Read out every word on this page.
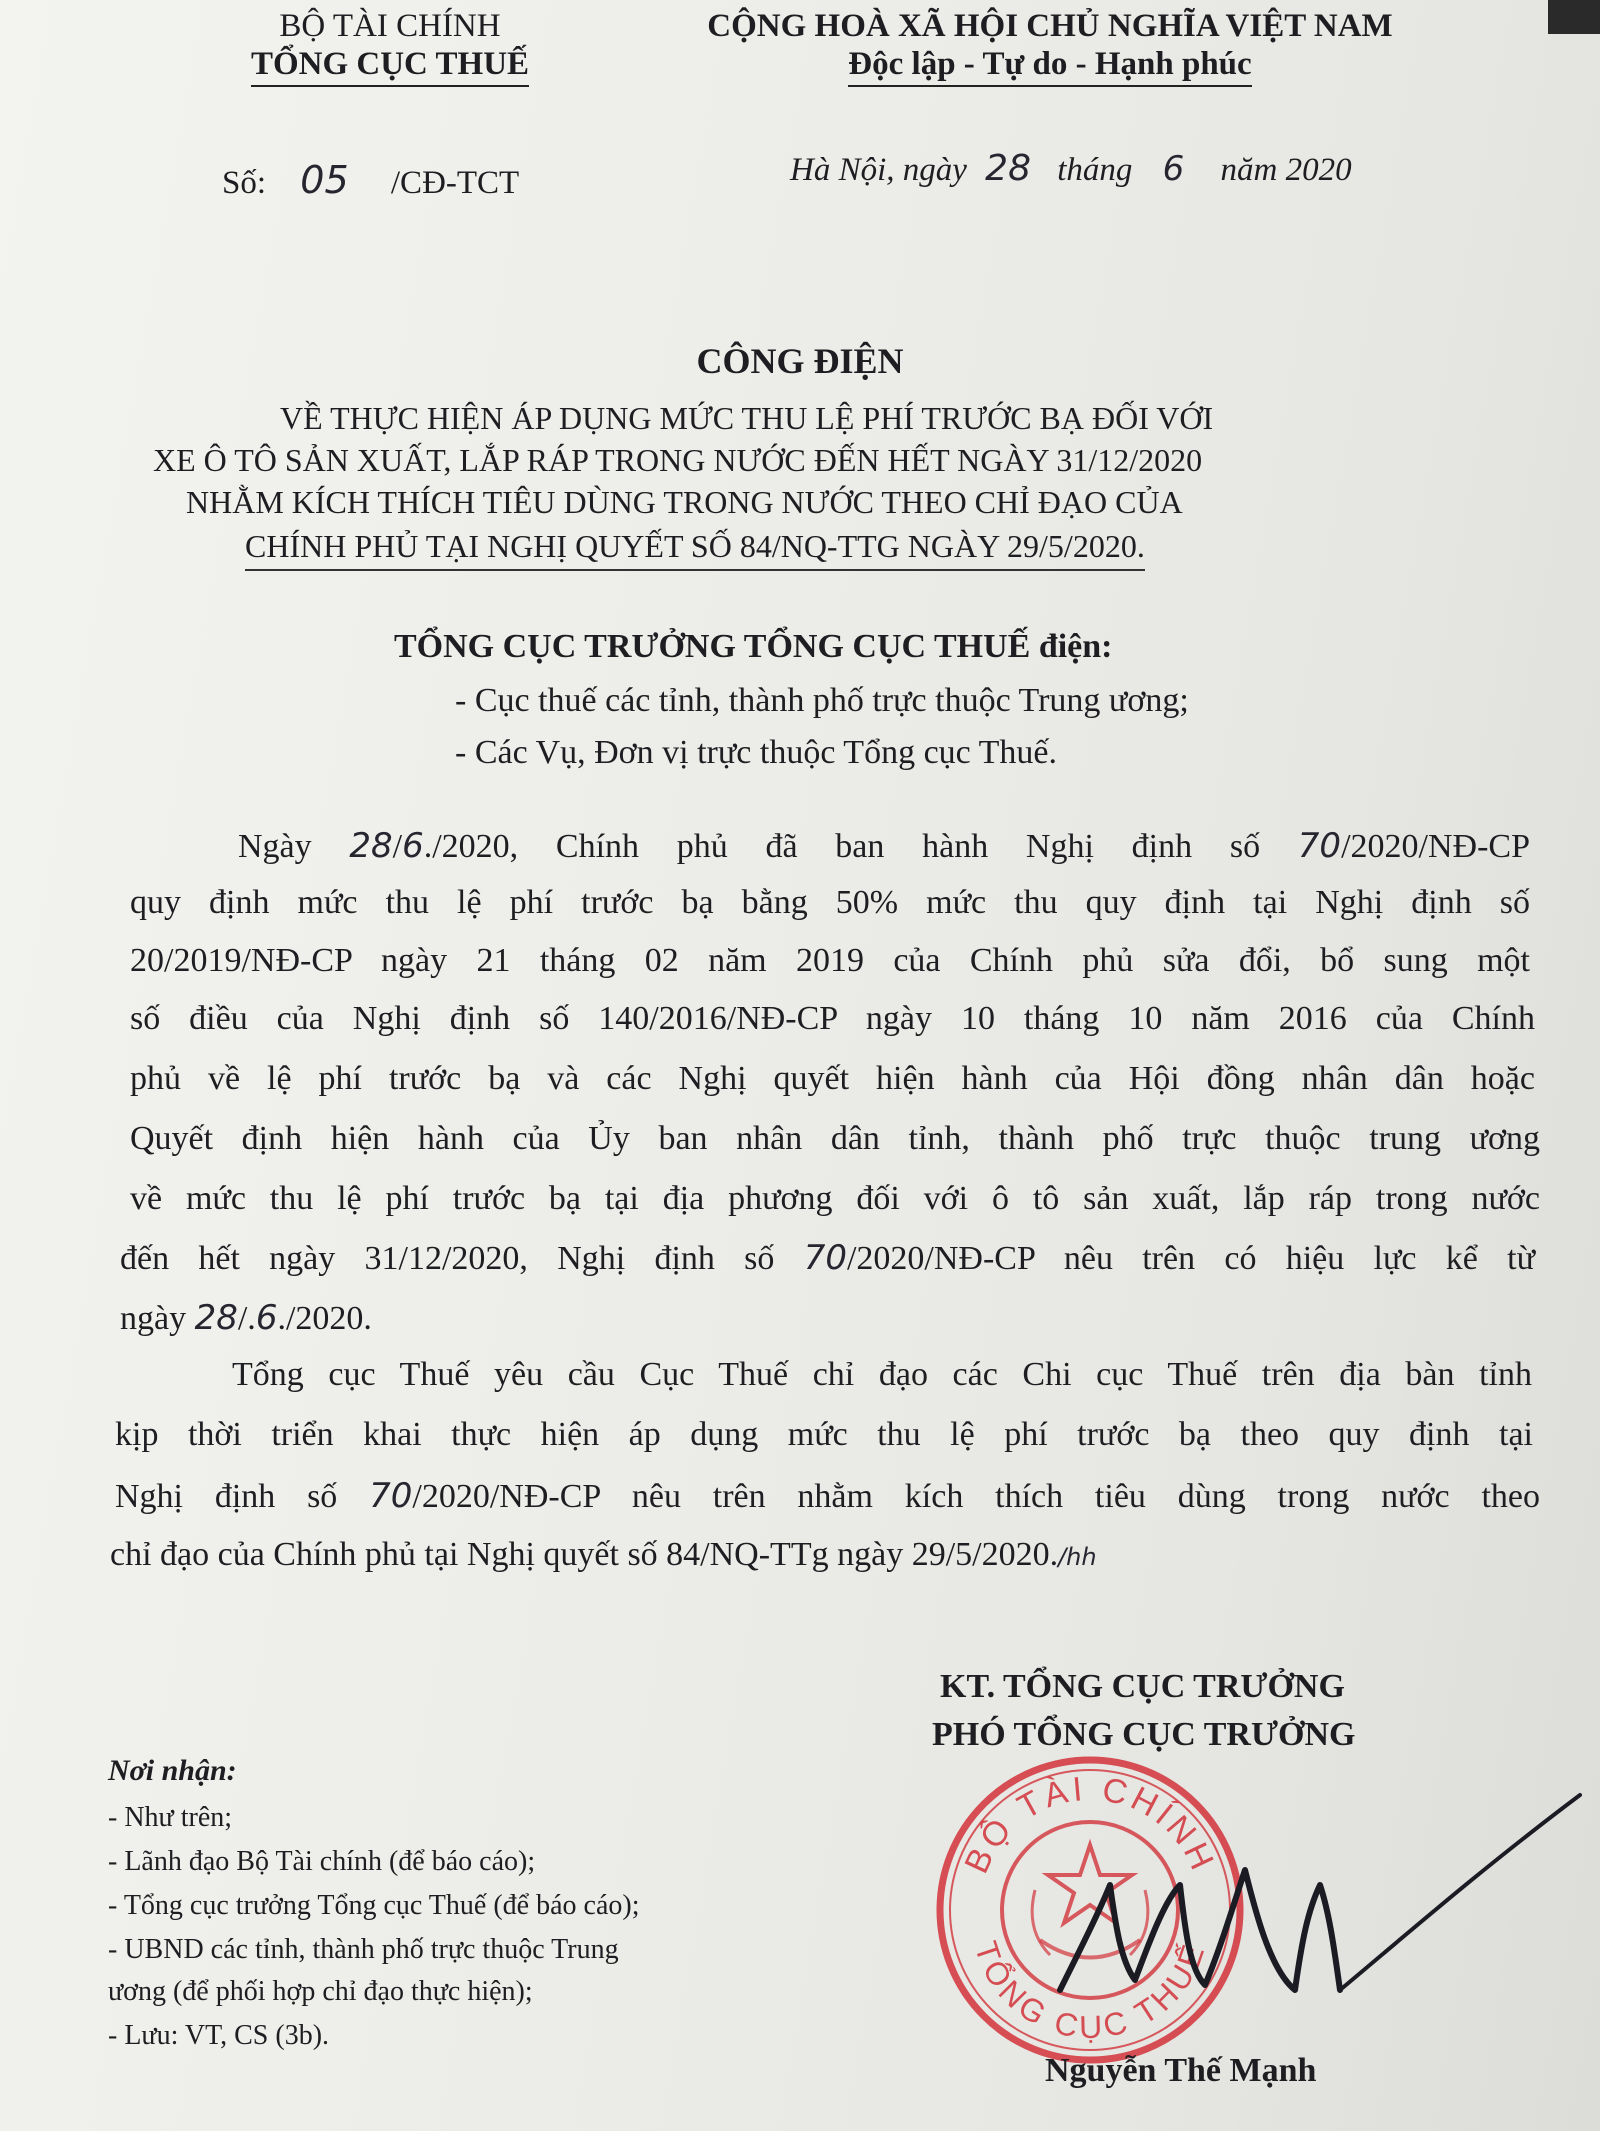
BỘ TÀI CHÍNH
TỔNG CỤC THUẾ
CỘNG HOÀ XÃ HỘI CHỦ NGHĨA VIỆT NAM
Độc lập - Tự do - Hạnh phúc
Số: 05 /CĐ-TCT	Hà Nội, ngày 28 tháng 6 năm 2020
CÔNG ĐIỆN
VỀ THỰC HIỆN ÁP DỤNG MỨC THU LỆ PHÍ TRƯỚC BẠ ĐỐI VỚI
XE Ô TÔ SẢN XUẤT, LẮP RÁP TRONG NƯỚC ĐẾN HẾT NGÀY 31/12/2020
NHẰM KÍCH THÍCH TIÊU DÙNG TRONG NƯỚC THEO CHỈ ĐẠO CỦA
CHÍNH PHỦ TẠI NGHỊ QUYẾT SỐ 84/NQ-TTG NGÀY 29/5/2020.
TỔNG CỤC TRƯỞNG TỔNG CỤC THUẾ điện:
- Cục thuế các tỉnh, thành phố trực thuộc Trung ương;
- Các Vụ, Đơn vị trực thuộc Tổng cục Thuế.
Ngày 28/6./2020, Chính phủ đã ban hành Nghị định số 70/2020/NĐ-CP
quy định mức thu lệ phí trước bạ bằng 50% mức thu quy định tại Nghị định số
20/2019/NĐ-CP ngày 21 tháng 02 năm 2019 của Chính phủ sửa đổi, bổ sung một
số điều của Nghị định số 140/2016/NĐ-CP ngày 10 tháng 10 năm 2016 của Chính
phủ về lệ phí trước bạ và các Nghị quyết hiện hành của Hội đồng nhân dân hoặc
Quyết định hiện hành của Ủy ban nhân dân tỉnh, thành phố trực thuộc trung ương
về mức thu lệ phí trước bạ tại địa phương đối với ô tô sản xuất, lắp ráp trong nước
đến hết ngày 31/12/2020, Nghị định số 70/2020/NĐ-CP nêu trên có hiệu lực kể từ
ngày 28/.6./2020.
Tổng cục Thuế yêu cầu Cục Thuế chỉ đạo các Chi cục Thuế trên địa bàn tỉnh
kịp thời triển khai thực hiện áp dụng mức thu lệ phí trước bạ theo quy định tại
Nghị định số 70/2020/NĐ-CP nêu trên nhằm kích thích tiêu dùng trong nước theo
chỉ đạo của Chính phủ tại Nghị quyết số 84/NQ-TTg ngày 29/5/2020./hh
KT. TỔNG CỤC TRƯỞNG
PHÓ TỔNG CỤC TRƯỞNG
BỘ TÀI CHÍNH
TỔNG CỤC THUẾ
Nguyễn Thế Mạnh
Nơi nhận:
- Như trên;
- Lãnh đạo Bộ Tài chính (để báo cáo);
- Tổng cục trưởng Tổng cục Thuế (để báo cáo);
- UBND các tỉnh, thành phố trực thuộc Trung
ương (để phối hợp chỉ đạo thực hiện);
- Lưu: VT, CS (3b).
